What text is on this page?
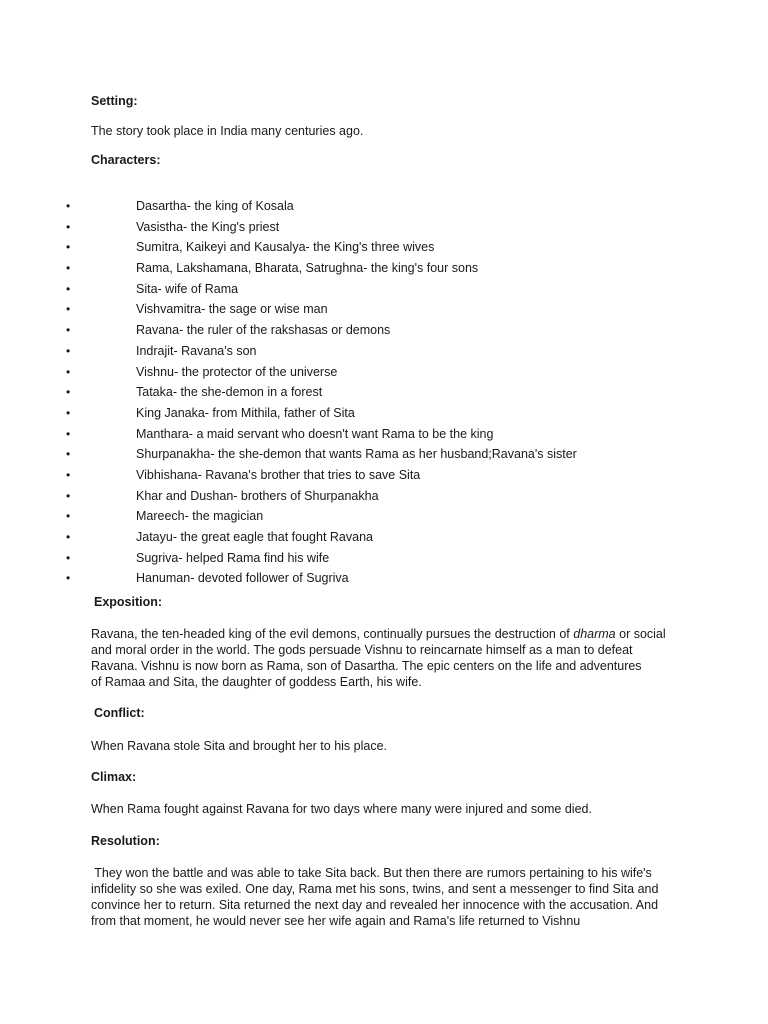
Setting:

The story took place in India many centuries ago.

Characters:
•	Dasartha- the king of Kosala
•	Vasistha- the King's priest
•	Sumitra, Kaikeyi and Kausalya- the King's three wives
•	Rama, Lakshamana, Bharata, Satrughna- the king's four sons
•	Sita- wife of Rama
•	Vishvamitra- the sage or wise man
•	Ravana- the ruler of the rakshasas or demons
•	Indrajit- Ravana's son
•	Vishnu- the protector of the universe
•	Tataka- the she-demon in a forest
•	King Janaka- from Mithila, father of Sita
•	Manthara- a maid servant who doesn't want Rama to be the king
•	Shurpanakha- the she-demon that wants Rama as her husband;Ravana's sister
•	Vibhishana- Ravana's brother that tries to save Sita
•	Khar and Dushan- brothers of Shurpanakha
•	Mareech- the magician
•	Jatayu- the great eagle that fought Ravana
•	Sugriva- helped Rama find his wife
•	Hanuman- devoted follower of Sugriva
Exposition:
Ravana, the ten-headed king of the evil demons, continually pursues the destruction of dharma or social
and moral order in the world. The gods persuade Vishnu to reincarnate himself as a man to defeat
Ravana. Vishnu is now born as Rama, son of Dasartha. The epic centers on the life and adventures
of Ramaa and Sita, the daughter of goddess Earth, his wife.
Conflict:

When Ravana stole Sita and brought her to his place.

Climax:

When Rama fought against Ravana for two days where many were injured and some died.

Resolution:
They won the battle and was able to take Sita back. But then there are rumors pertaining to his wife's
infidelity so she was exiled. One day, Rama met his sons, twins, and sent a messenger to find Sita and
convince her to return. Sita returned the next day and revealed her innocence with the accusation. And
from that moment, he would never see her wife again and Rama's life returned to Vishnu
